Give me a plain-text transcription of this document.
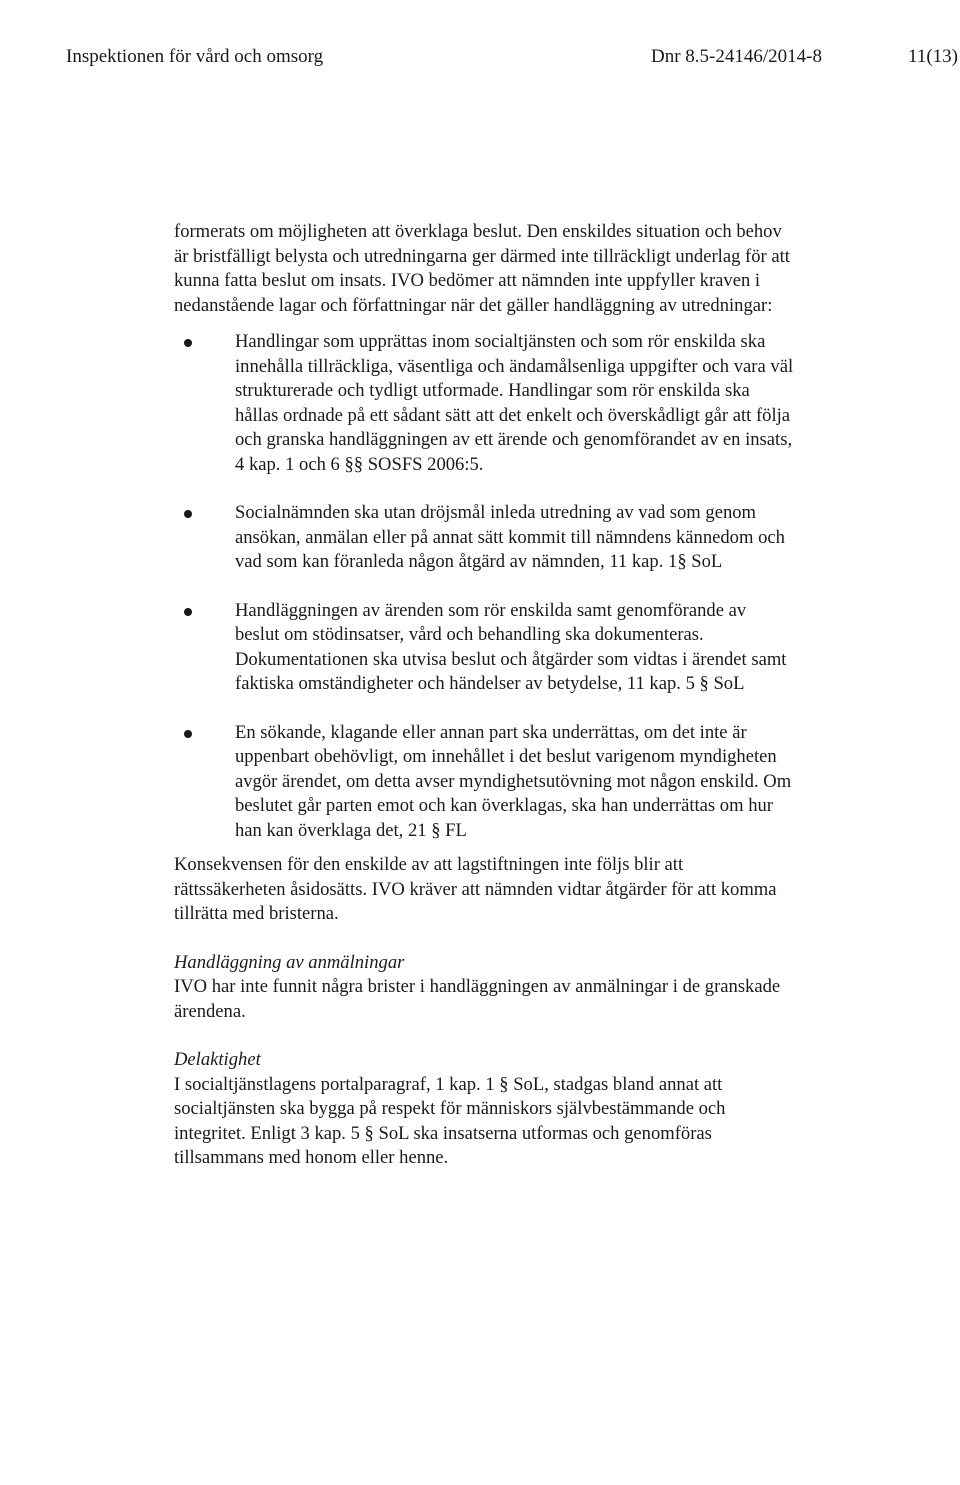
Inspektionen för vård och omsorg	Dnr 8.5-24146/2014-8	11(13)

formerats om möjligheten att överklaga beslut. Den enskildes situation och behov är bristfälligt belysta och utredningarna ger därmed inte tillräckligt underlag för att kunna fatta beslut om insats. IVO bedömer att nämnden inte uppfyller kraven i nedanstående lagar och författningar när det gäller handläggning av utredningar:

Handlingar som upprättas inom socialtjänsten och som rör enskilda ska innehålla tillräckliga, väsentliga och ändamålsenliga uppgifter och vara väl strukturerade och tydligt utformade. Handlingar som rör enskilda ska hållas ordnade på ett sådant sätt att det enkelt och överskådligt går att följa och granska handläggningen av ett ärende och genomförandet av en insats, 4 kap. 1 och 6 §§ SOSFS 2006:5.
Socialnämnden ska utan dröjsmål inleda utredning av vad som genom ansökan, anmälan eller på annat sätt kommit till nämndens kännedom och vad som kan föranleda någon åtgärd av nämnden, 11 kap. 1§ SoL
Handläggningen av ärenden som rör enskilda samt genomförande av beslut om stödinsatser, vård och behandling ska dokumenteras. Dokumentationen ska utvisa beslut och åtgärder som vidtas i ärendet samt faktiska omständigheter och händelser av betydelse, 11 kap. 5 § SoL
En sökande, klagande eller annan part ska underrättas, om det inte är uppenbart obehövligt, om innehållet i det beslut varigenom myndigheten avgör ärendet, om detta avser myndighetsutövning mot någon enskild. Om beslutet går parten emot och kan överklagas, ska han underrättas om hur han kan överklaga det, 21 § FL

Konsekvensen för den enskilde av att lagstiftningen inte följs blir att rättssäkerheten åsidosätts. IVO kräver att nämnden vidtar åtgärder för att komma tillrätta med bristerna.

Handläggning av anmälningar

IVO har inte funnit några brister i handläggningen av anmälningar i de granskade ärendena.

Delaktighet

I socialtjänstlagens portalparagraf, 1 kap. 1 § SoL, stadgas bland annat att socialtjänsten ska bygga på respekt för människors självbestämmande och integritet. Enligt 3 kap. 5 § SoL ska insatserna utformas och genomföras tillsammans med honom eller henne.
